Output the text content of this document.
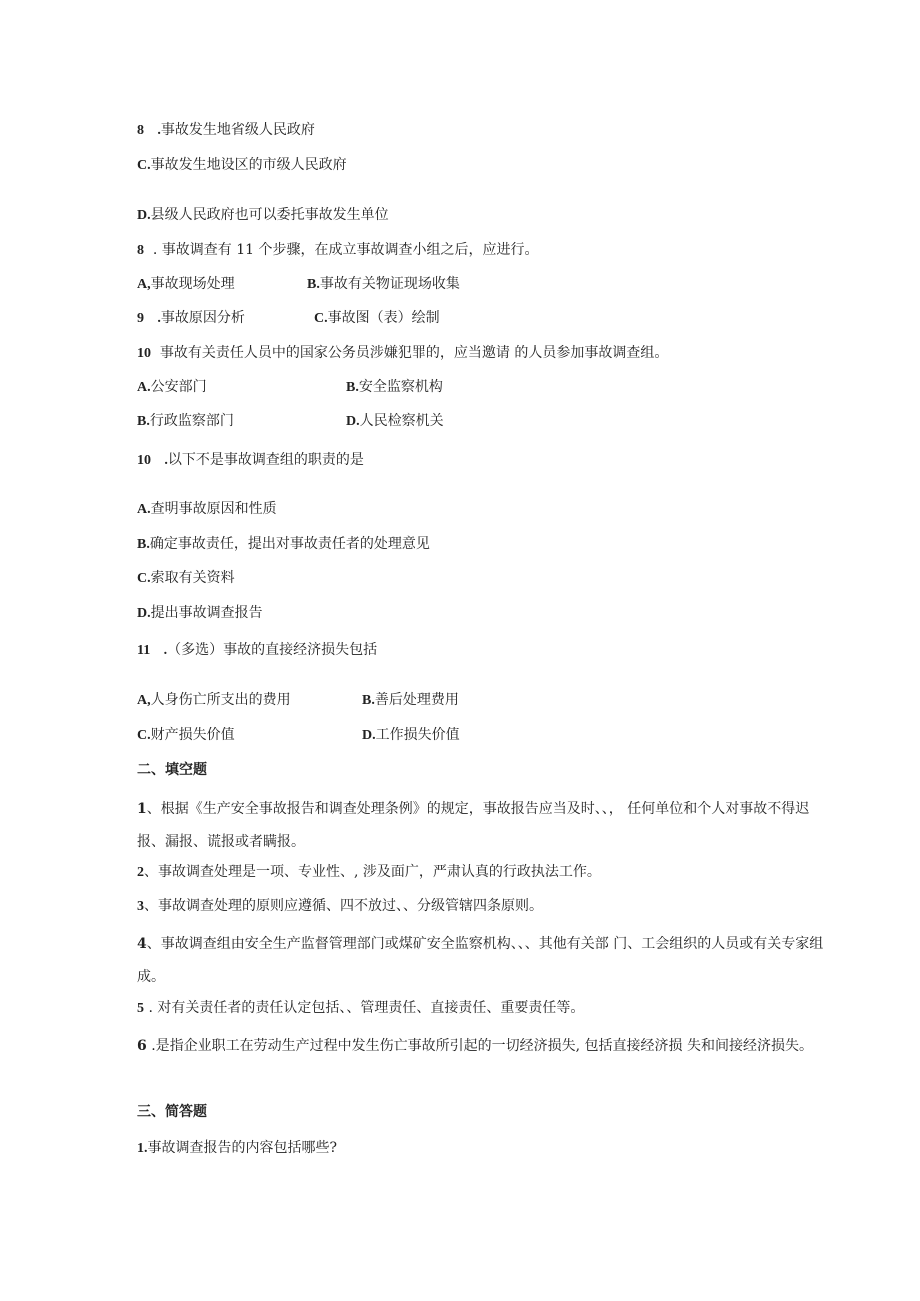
8 .事故发生地省级人民政府
C.事故发生地设区的市级人民政府
D.县级人民政府也可以委托事故发生单位
8 . 事故调查有 11 个步骤，在成立事故调查小组之后，应进行。
A,事故现场处理	B.事故有关物证现场收集
9 .事故原因分析	C.事故图（表）绘制
10 事故有关责任人员中的国家公务员涉嫌犯罪的，应当邀请 的人员参加事故调查组。
A.公安部门	B.安全监察机构
B.行政监察部门	D.人民检察机关
10 .以下不是事故调查组的职责的是
A.查明事故原因和性质
B.确定事故责任，提出对事故责任者的处理意见
C.索取有关资料
D.提出事故调查报告
11 .（多选）事故的直接经济损失包括
A,人身伤亡所支出的费用	B.善后处理费用
C.财产损失价值	D.工作损失价值
二、填空题
1、根据《生产安全事故报告和调查处理条例》的规定，事故报告应当及时、、， 任何单位和个人对事故不得迟报、漏报、谎报或者瞒报。
2、事故调查处理是一项、专业性、, 涉及面广，严肃认真的行政执法工作。
3、事故调查处理的原则应遵循、四不放过、、分级管辖四条原则。
4、事故调查组由安全生产监督管理部门或煤矿安全监察机构、、、其他有关部 门、工会组织的人员或有关专家组成。
5 . 对有关责任者的责任认定包括、、管理责任、直接责任、重要责任等。
6 .是指企业职工在劳动生产过程中发生伤亡事故所引起的一切经济损失, 包括直接经济损 失和间接经济损失。
三、简答题
1.事故调查报告的内容包括哪些?
